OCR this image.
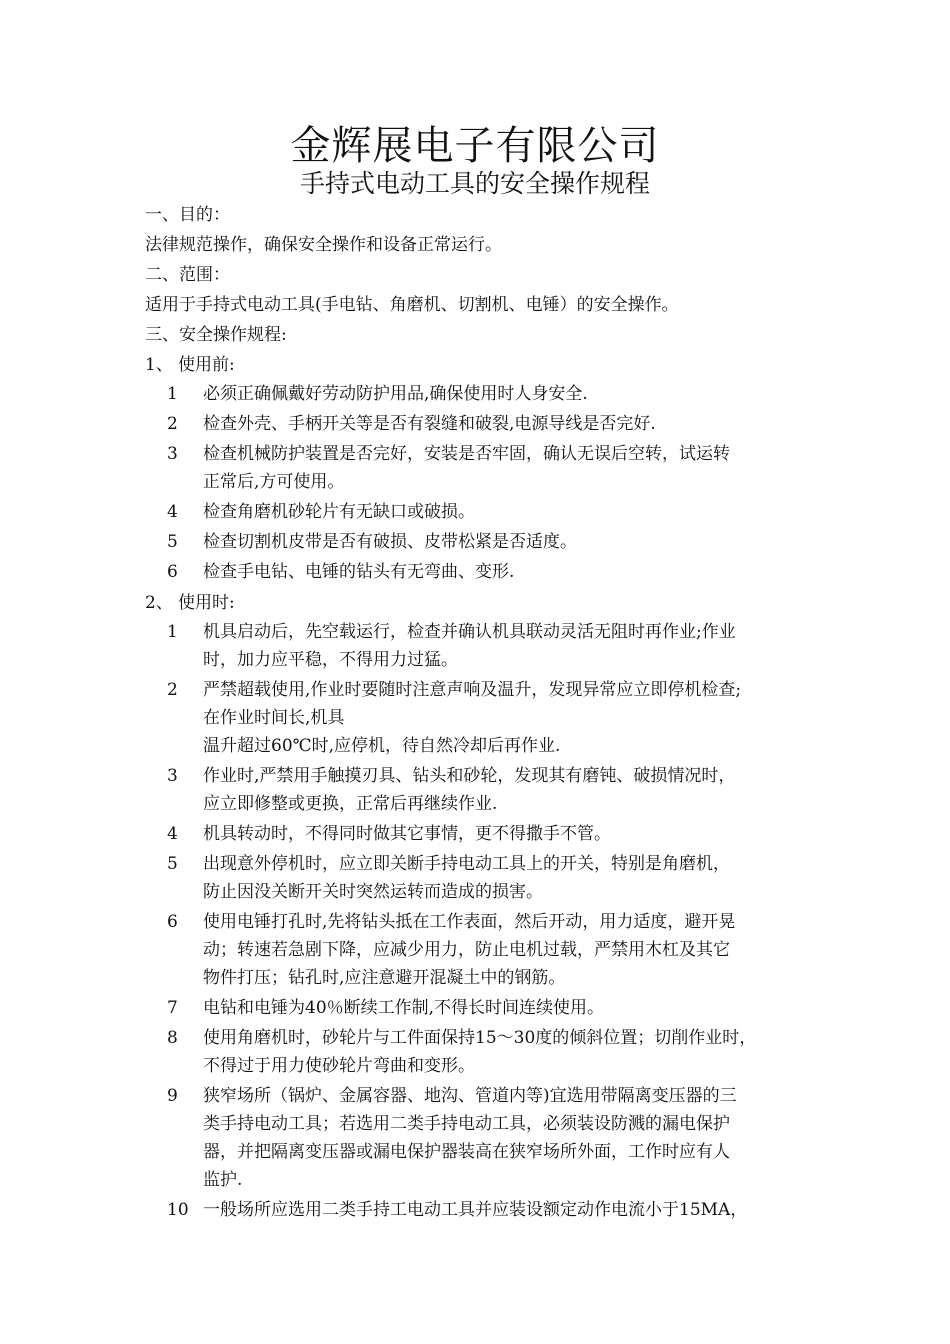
金辉展电子有限公司
手持式电动工具的安全操作规程
一、目的：
法律规范操作，确保安全操作和设备正常运行。
二、范围：
适用于手持式电动工具(手电钻、角磨机、切割机、电锤）的安全操作。
三、安全操作规程:
1、 使用前:
1	必须正确佩戴好劳动防护用品,确保使用时人身安全.
2	检查外壳、手柄开关等是否有裂缝和破裂,电源导线是否完好.
3	检查机械防护装置是否完好，安装是否牢固，确认无误后空转，试运转
正常后,方可使用。
4	检查角磨机砂轮片有无缺口或破损。
5	检查切割机皮带是否有破损、皮带松紧是否适度。
6	检查手电钻、电锤的钻头有无弯曲、变形.
2、 使用时:
1	机具启动后，先空载运行，检查并确认机具联动灵活无阻时再作业;作业
时，加力应平稳，不得用力过猛。
2	严禁超载使用,作业时要随时注意声响及温升，发现异常应立即停机检查;
在作业时间长,机具
温升超过60℃时,应停机，待自然冷却后再作业.
3	作业时,严禁用手触摸刃具、钻头和砂轮，发现其有磨钝、破损情况时，
应立即修整或更换，正常后再继续作业.
4	机具转动时，不得同时做其它事情，更不得撒手不管。
5	出现意外停机时，应立即关断手持电动工具上的开关，特别是角磨机，
防止因没关断开关时突然运转而造成的损害。
6	使用电锤打孔时,先将钻头抵在工作表面，然后开动，用力适度，避开晃
动；转速若急剧下降，应减少用力，防止电机过载，严禁用木杠及其它
物件打压；钻孔时,应注意避开混凝土中的钢筋。
7	电钻和电锤为40％断续工作制,不得长时间连续使用。
8	使用角磨机时，砂轮片与工件面保持15～30度的倾斜位置；切削作业时，
不得过于用力使砂轮片弯曲和变形。
9	狭窄场所（锅炉、金属容器、地沟、管道内等)宜选用带隔离变压器的三
类手持电动工具；若选用二类手持电动工具，必须装设防溅的漏电保护
器，并把隔离变压器或漏电保护器装高在狭窄场所外面，工作时应有人
监护.
10 一般场所应选用二类手持工电动工具并应装设额定动作电流小于15MA，
